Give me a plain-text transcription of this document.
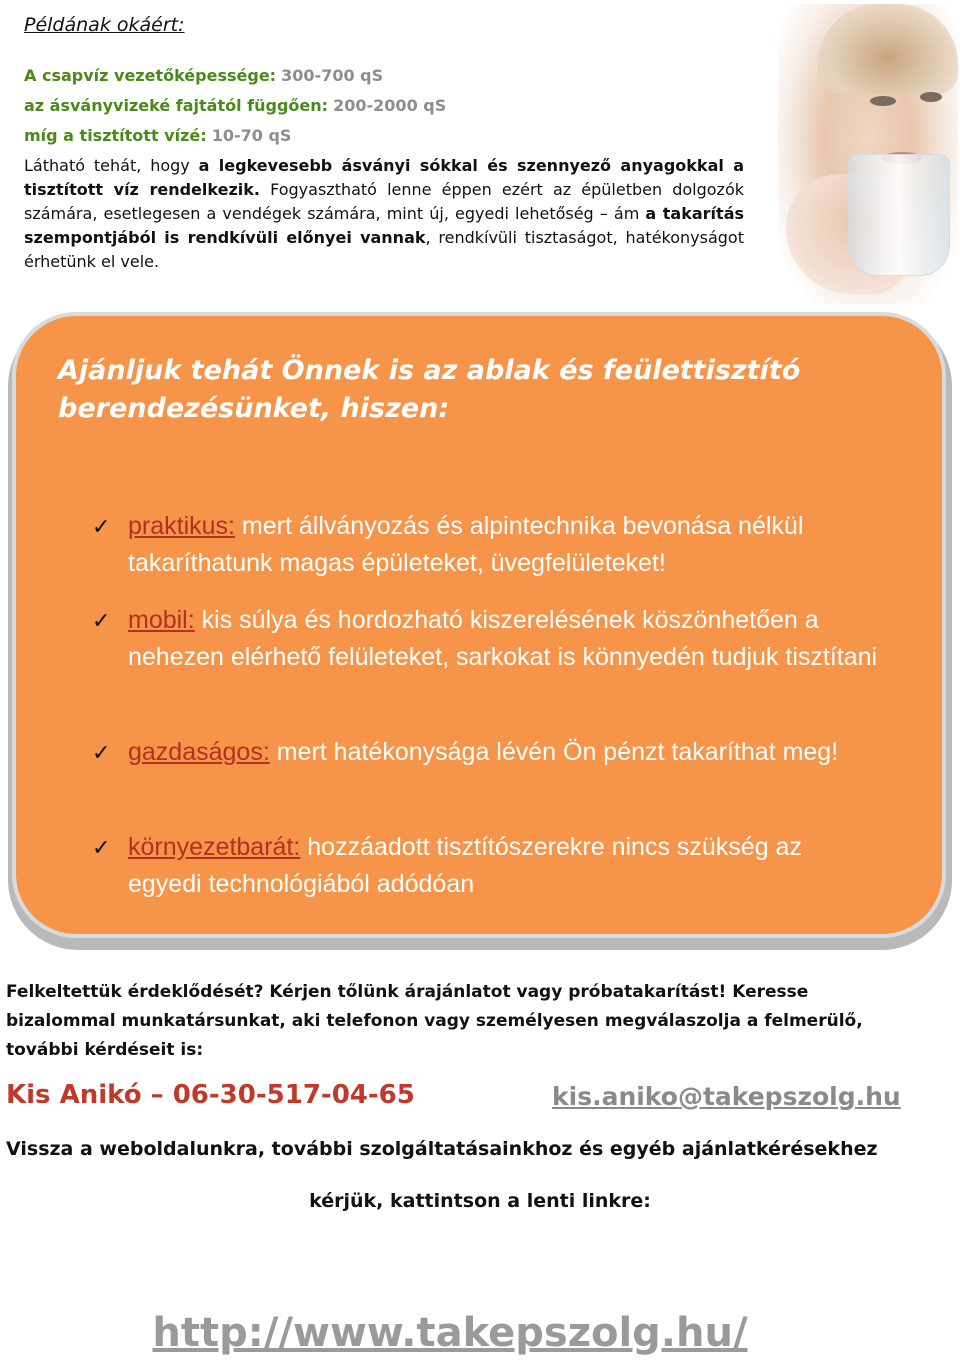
Példának okáért:
A csapvíz vezetőképessége: 300-700 qS
az ásványvizeké fajtától függően: 200-2000 qS
míg a tisztított vízé: 10-70 qS
Látható tehát, hogy a legkevesebb ásványi sókkal és szennyező anyagokkal a tisztított víz rendelkezik. Fogyasztható lenne éppen ezért az épületben dolgozók számára, esetlegesen a vendégek számára, mint új, egyedi lehetőség – ám a takarítás szempontjából is rendkívüli előnyei vannak, rendkívüli tisztaságot, hatékonyságot érhetünk el vele.
Ajánljuk tehát Önnek is az ablak és feülettisztító berendezésünket, hiszen:
✓ praktikus: mert állványozás és alpintechnika bevonása nélkül takaríthatunk magas épületeket, üvegfelületeket!
✓ mobil: kis súlya és hordozható kiszerelésének köszönhetően a nehezen elérhető felületeket, sarkokat is könnyedén tudjuk tisztítani
✓ gazdaságos: mert hatékonysága lévén Ön pénzt takaríthat meg!
✓ környezetbarát: hozzáadott tisztítószerekre nincs szükség az egyedi technológiából adódóan
Felkeltettük érdeklődését? Kérjen tőlünk árajánlatot vagy próbatakarítást! Keresse bizalommal munkatársunkat, aki telefonon vagy személyesen megválaszolja a felmerülő, további kérdéseit is:
Kis Anikó – 06-30-517-04-65	kis.aniko@takepszolg.hu
Vissza a weboldalunkra, további szolgáltatásainkhoz és egyéb ajánlatkérésekhez
kérjük, kattintson a lenti linkre:
http://www.takepszolg.hu/
